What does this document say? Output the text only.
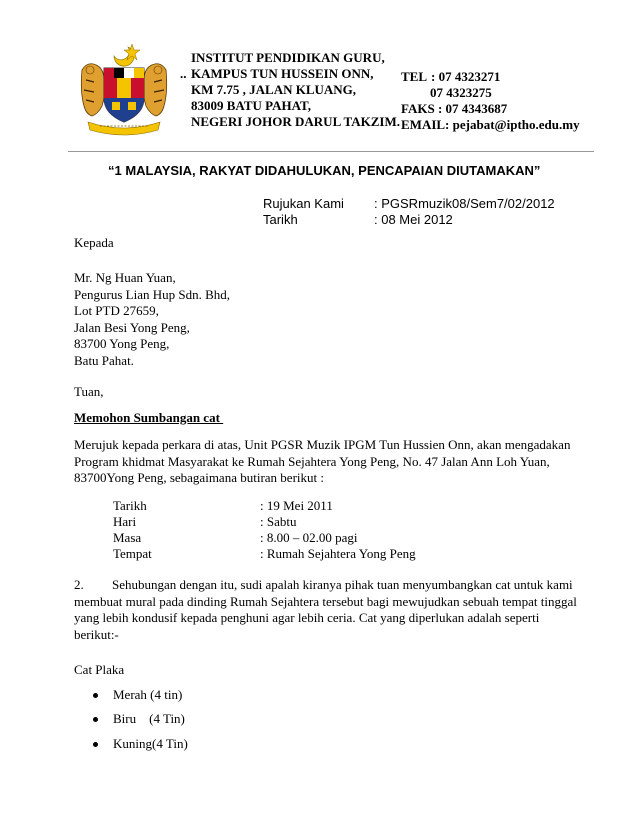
..
INSTITUT PENDIDIKAN GURU,
KAMPUS TUN HUSSEIN ONN,
KM 7.75 , JALAN KLUANG,
83009 BATU PAHAT,
NEGERI JOHOR DARUL TAKZIM.
TEL : 07 4323271
07 4323275
FAKS : 07 4343687
EMAIL: pejabat@iptho.edu.my
“1 MALAYSIA, RAKYAT DIDAHULUKAN, PENCAPAIAN DIUTAMAKAN”
Rujukan Kami : PGSRmuzik08/Sem7/02/2012
Tarikh	: 08 Mei 2012
Kepada
Mr. Ng Huan Yuan,
Pengurus Lian Hup Sdn. Bhd,
Lot PTD 27659,
Jalan Besi Yong Peng,
83700 Yong Peng,
Batu Pahat.
Tuan,
Memohon Sumbangan cat
Merujuk kepada perkara di atas, Unit PGSR Muzik IPGM Tun Hussien Onn, akan mengadakan
Program khidmat Masyarakat ke Rumah Sejahtera Yong Peng, No. 47 Jalan Ann Loh Yuan,
83700Yong Peng, sebagaimana butiran berikut :
Tarikh	: 19 Mei 2011
Hari	: Sabtu
Masa	: 8.00 – 02.00 pagi
Tempat	: Rumah Sejahtera Yong Peng
2.	Sehubungan dengan itu, sudi apalah kiranya pihak tuan menyumbangkan cat untuk kami
membuat mural pada dinding Rumah Sejahtera tersebut bagi mewujudkan sebuah tempat tinggal
yang lebih kondusif kepada penghuni agar lebih ceria. Cat yang diperlukan adalah seperti
berikut:-
Cat Plaka
Merah (4 tin)
Biru    (4 Tin)
Kuning(4 Tin)
